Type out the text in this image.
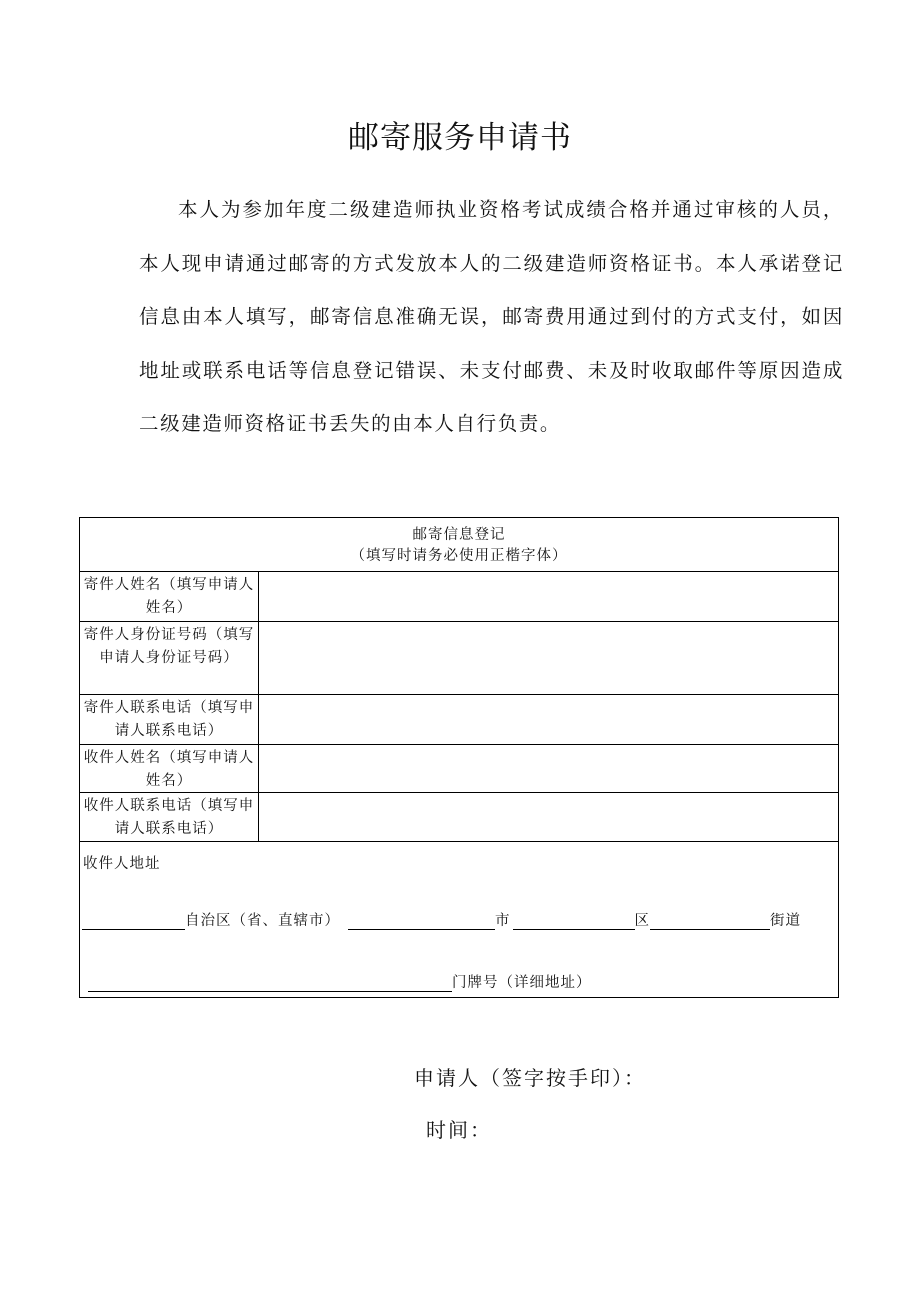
邮寄服务申请书

本人为参加年度二级建造师执业资格考试成绩合格并通过审核的人员，本人现申请通过邮寄的方式发放本人的二级建造师资格证书。本人承诺登记信息由本人填写，邮寄信息准确无误，邮寄费用通过到付的方式支付，如因地址或联系电话等信息登记错误、未支付邮费、未及时收取邮件等原因造成二级建造师资格证书丢失的由本人自行负责。

邮寄信息登记
（填写时请务必使用正楷字体）
寄件人姓名（填写申请人姓名）
寄件人身份证号码（填写申请人身份证号码）
寄件人联系电话（填写申请人联系电话）
收件人姓名（填写申请人姓名）
收件人联系电话（填写申请人联系电话）
收件人地址
自治区（省、直辖市）	市	区	街道
门牌号（详细地址）
申请人（签字按手印）：
时间：
